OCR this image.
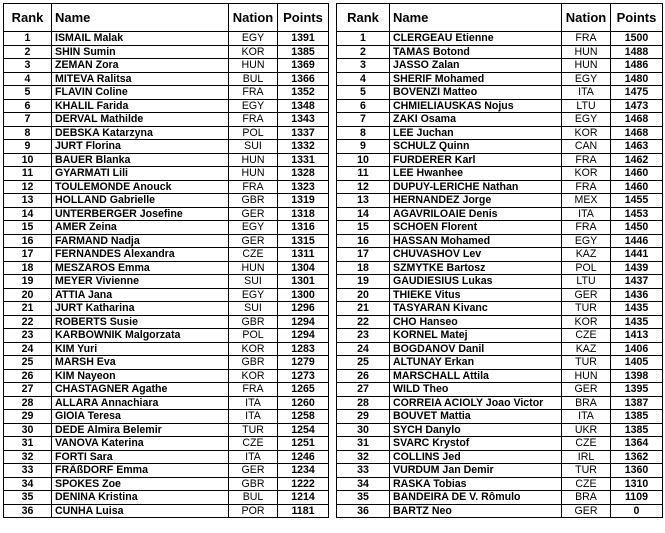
Rank	Name	Nation	Points
1	ISMAIL Malak	EGY	1391
2	SHIN Sumin	KOR	1385
3	ZEMAN Zora	HUN	1369
4	MITEVA Ralitsa	BUL	1366
5	FLAVIN Coline	FRA	1352
6	KHALIL Farida	EGY	1348
7	DERVAL Mathilde	FRA	1343
8	DEBSKA Katarzyna	POL	1337
9	JURT Florina	SUI	1332
10	BAUER Blanka	HUN	1331
11	GYARMATI Lili	HUN	1328
12	TOULEMONDE Anouck	FRA	1323
13	HOLLAND Gabrielle	GBR	1319
14	UNTERBERGER Josefine	GER	1318
15	AMER Zeina	EGY	1316
16	FARMAND Nadja	GER	1315
17	FERNANDES Alexandra	CZE	1311
18	MESZAROS Emma	HUN	1304
19	MEYER Vivienne	SUI	1301
20	ATTIA Jana	EGY	1300
21	JURT Katharina	SUI	1296
22	ROBERTS Susie	GBR	1294
23	KARBOWNIK Malgorzata	POL	1294
24	KIM Yuri	KOR	1283
25	MARSH Eva	GBR	1279
26	KIM Nayeon	KOR	1273
27	CHASTAGNER Agathe	FRA	1265
28	ALLARA Annachiara	ITA	1260
29	GIOIA Teresa	ITA	1258
30	DEDE Almira Belemir	TUR	1254
31	VANOVA Katerina	CZE	1251
32	FORTI Sara	ITA	1246
33	FRÄßDORF Emma	GER	1234
34	SPOKES Zoe	GBR	1222
35	DENINA Kristina	BUL	1214
36	CUNHA Luisa	POR	1181
Rank	Name	Nation	Points
1	CLERGEAU Etienne	FRA	1500
2	TAMAS Botond	HUN	1488
3	JASSO Zalan	HUN	1486
4	SHERIF Mohamed	EGY	1480
5	BOVENZI Matteo	ITA	1475
6	CHMIELIAUSKAS Nojus	LTU	1473
7	ZAKI Osama	EGY	1468
8	LEE Juchan	KOR	1468
9	SCHULZ Quinn	CAN	1463
10	FURDERER Karl	FRA	1462
11	LEE Hwanhee	KOR	1460
12	DUPUY-LERICHE Nathan	FRA	1460
13	HERNANDEZ Jorge	MEX	1455
14	AGAVRILOAIE Denis	ITA	1453
15	SCHOEN Florent	FRA	1450
16	HASSAN Mohamed	EGY	1446
17	CHUVASHOV Lev	KAZ	1441
18	SZMYTKE Bartosz	POL	1439
19	GAUDIESIUS Lukas	LTU	1437
20	THIEKE Vitus	GER	1436
21	TASYARAN Kivanc	TUR	1435
22	CHO Hanseo	KOR	1435
23	KORNEL Matej	CZE	1413
24	BOGDANOV Danil	KAZ	1406
25	ALTUNAY Erkan	TUR	1405
26	MARSCHALL Attila	HUN	1398
27	WILD Theo	GER	1395
28	CORREIA ACIOLY Joao Victor	BRA	1387
29	BOUVET Mattia	ITA	1385
30	SYCH Danylo	UKR	1385
31	SVARC Krystof	CZE	1364
32	COLLINS Jed	IRL	1362
33	VURDUM Jan Demir	TUR	1360
34	RASKA Tobias	CZE	1310
35	BANDEIRA DE V. Rômulo	BRA	1109
36	BARTZ Neo	GER	0
